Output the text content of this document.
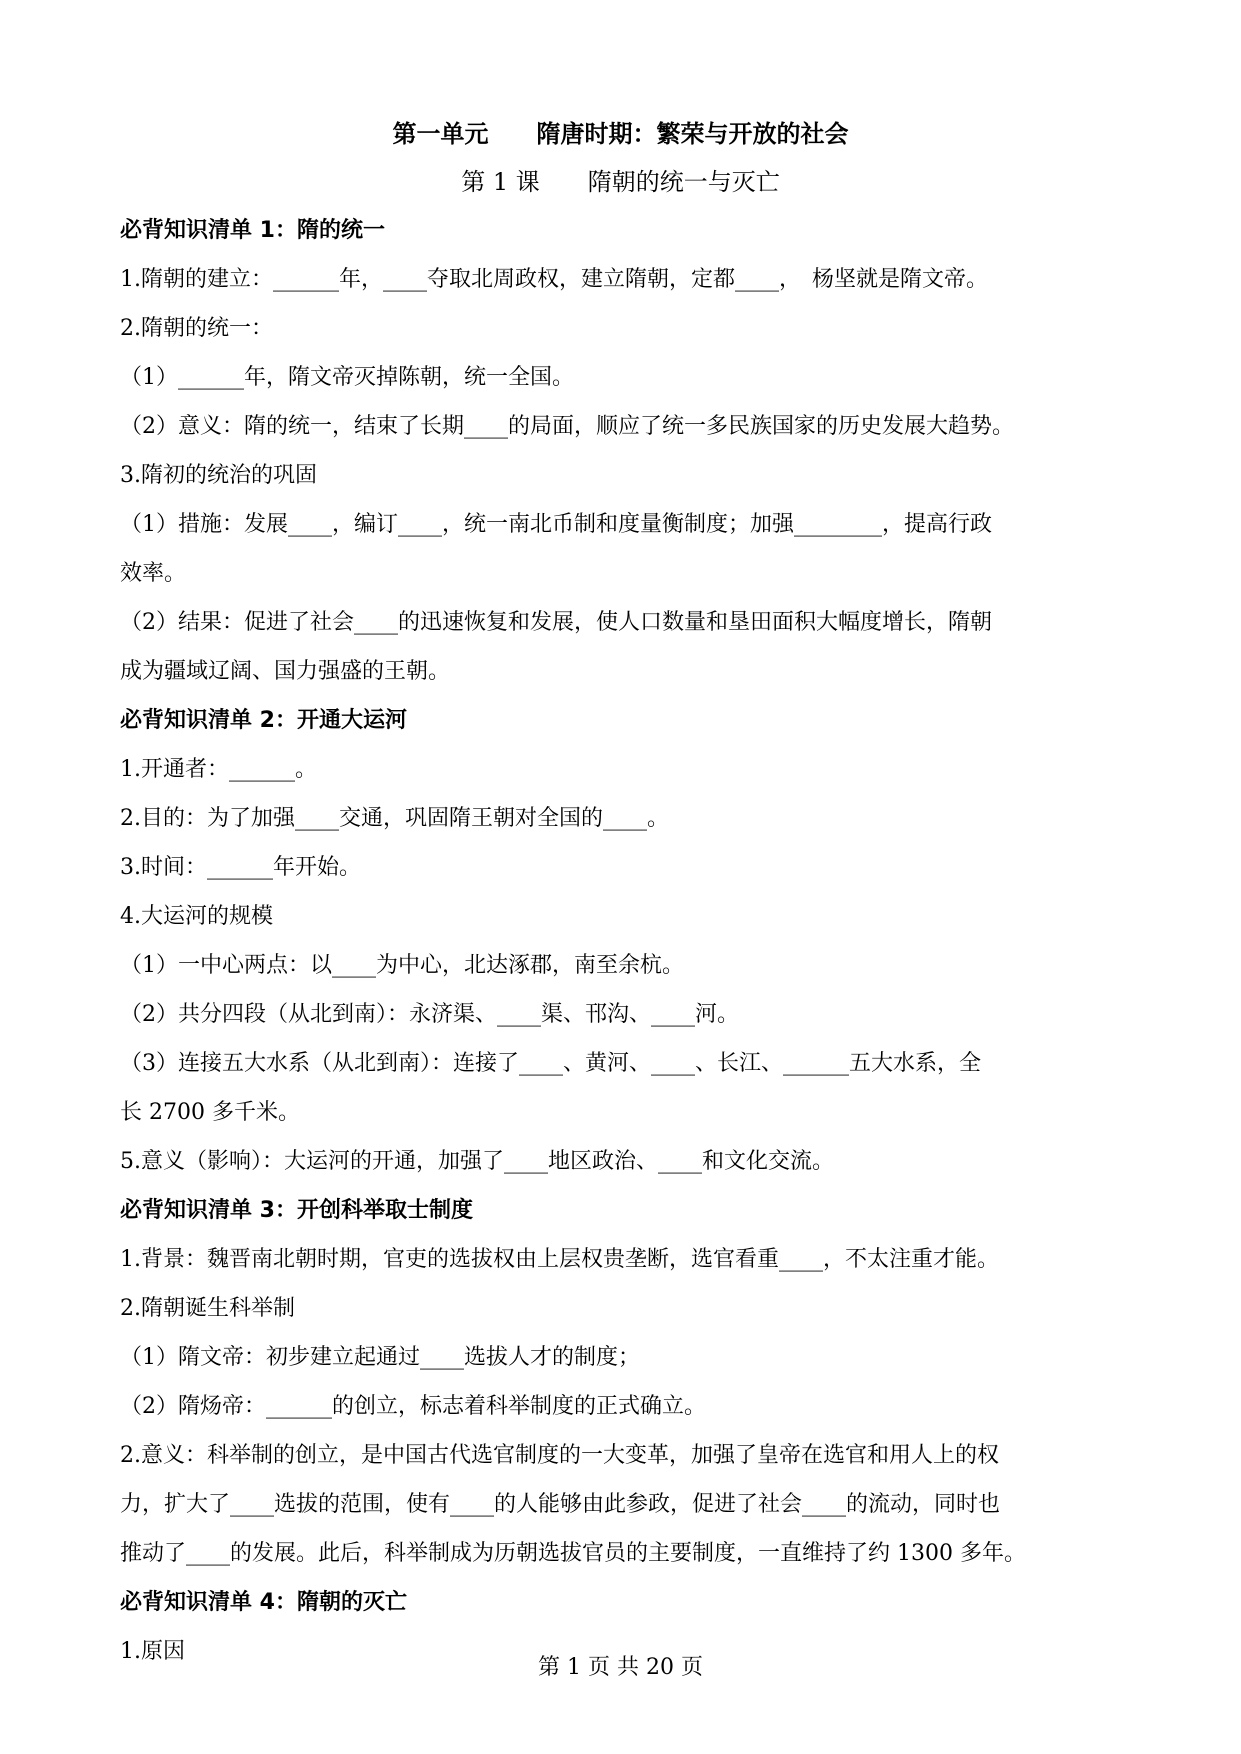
第一单元　　隋唐时期：繁荣与开放的社会
第 1 课　　隋朝的统一与灭亡
必背知识清单 1：隋的统一
1.隋朝的建立：______年，____夺取北周政权，建立隋朝，定都____，　杨坚就是隋文帝。
2.隋朝的统一：
（1）______年，隋文帝灭掉陈朝，统一全国。
（2）意义：隋的统一，结束了长期____的局面，顺应了统一多民族国家的历史发展大趋势。
3.隋初的统治的巩固
（1）措施：发展____，编订____，统一南北币制和度量衡制度；加强________，提高行政
效率。
（2）结果：促进了社会____的迅速恢复和发展，使人口数量和垦田面积大幅度增长，隋朝
成为疆域辽阔、国力强盛的王朝。
必背知识清单 2：开通大运河
1.开通者：______。
2.目的：为了加强____交通，巩固隋王朝对全国的____。
3.时间：______年开始。
4.大运河的规模
（1）一中心两点：以____为中心，北达涿郡，南至余杭。
（2）共分四段（从北到南）：永济渠、____渠、邗沟、____河。
（3）连接五大水系（从北到南）：连接了____、黄河、____、长江、______五大水系，全
长 2700 多千米。
5.意义（影响）：大运河的开通，加强了____地区政治、____和文化交流。
必背知识清单 3：开创科举取士制度
1.背景：魏晋南北朝时期，官吏的选拔权由上层权贵垄断，选官看重____，不太注重才能。
2.隋朝诞生科举制
（1）隋文帝：初步建立起通过____选拔人才的制度；
（2）隋炀帝：______的创立，标志着科举制度的正式确立。
2.意义：科举制的创立，是中国古代选官制度的一大变革，加强了皇帝在选官和用人上的权
力，扩大了____选拔的范围，使有____的人能够由此参政，促进了社会____的流动，同时也
推动了____的发展。此后，科举制成为历朝选拔官员的主要制度，一直维持了约 1300 多年。
必背知识清单 4：隋朝的灭亡
1.原因
第 1 页 共 20 页
